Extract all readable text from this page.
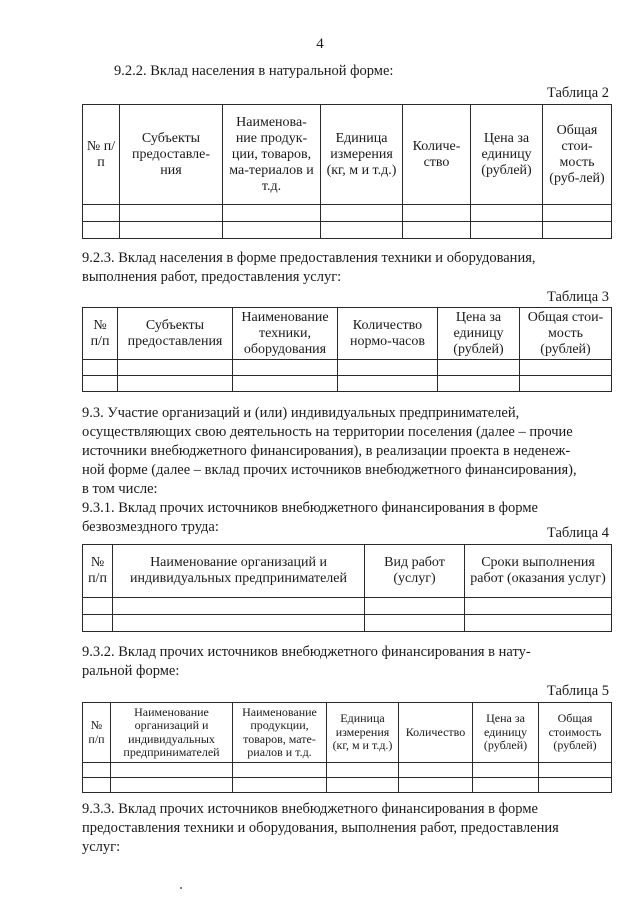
4
9.2.2. Вклад населения в натуральной форме:
Таблица 2
№ п/п	Субъекты предоставле-ния	Наименова-ние продук-ции, товаров, ма-териалов и т.д.	Единица измерения (кг, м и т.д.)	Количе-ство	Цена за единицу (рублей)	Общая стои-мость (руб-лей)

9.2.3. Вклад населения в форме предоставления техники и оборудования,
выполнения работ, предоставления услуг:
Таблица 3
№ п/п	Субъекты предоставления	Наименование техники, оборудования	Количество нормо-часов	Цена за единицу (рублей)	Общая стои-мость (рублей)

9.3. Участие организаций и (или) индивидуальных предпринимателей,
осуществляющих свою деятельность на территории поселения (далее – прочие
источники внебюджетного финансирования), в реализации проекта в неденеж-
ной форме (далее – вклад прочих источников внебюджетного финансирования),
в том числе:
9.3.1. Вклад прочих источников внебюджетного финансирования в форме
безвозмездного труда:	Таблица 4
№ п/п	Наименование организаций и индивидуальных предпринимателей	Вид работ (услуг)	Сроки выполнения работ (оказания услуг)

9.3.2. Вклад прочих источников внебюджетного финансирования в нату-
ральной форме:
Таблица 5
№ п/п	Наименование организаций и индивидуальных предпринимателей	Наименование продукции, товаров, мате-риалов и т.д.	Единица измерения (кг, м и т.д.)	Количество	Цена за единицу (рублей)	Общая стоимость (рублей)

9.3.3. Вклад прочих источников внебюджетного финансирования в форме
предоставления техники и оборудования, выполнения работ, предоставления
услуг:
